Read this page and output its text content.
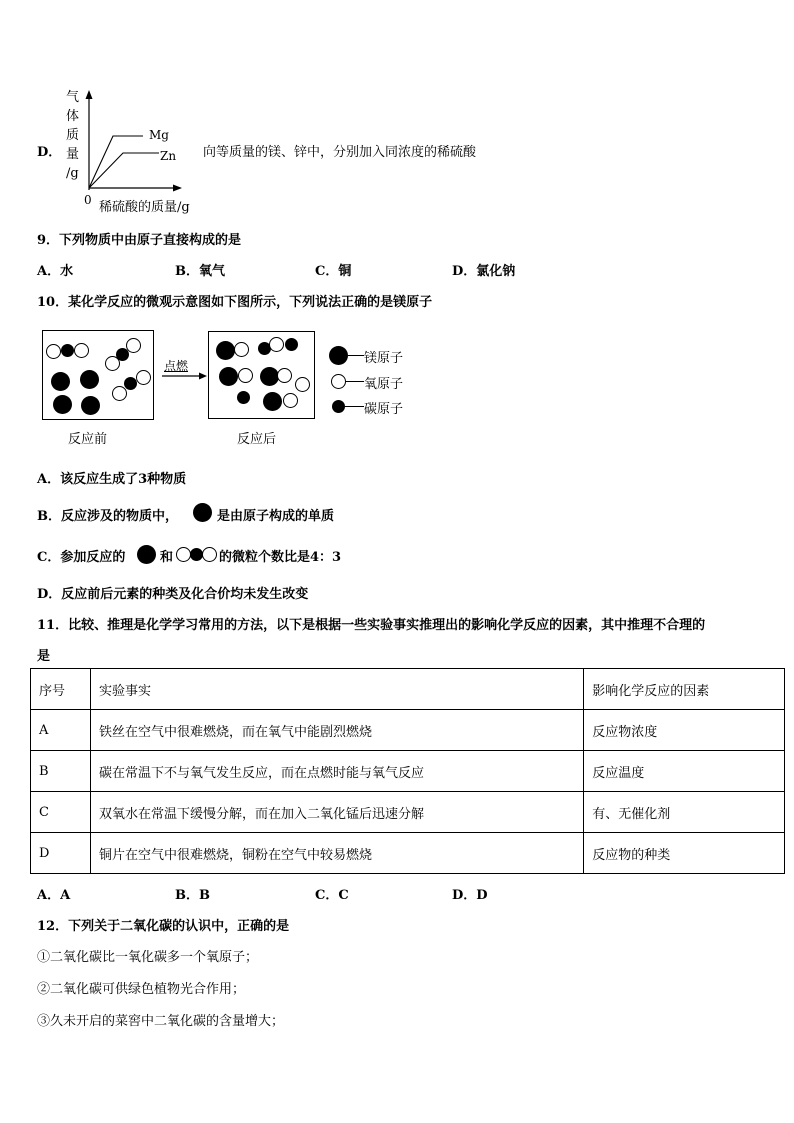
D．
气
体
质
量
/g
Mg
Zn
0 稀硫酸的质量/g
向等质量的镁、锌中，分别加入同浓度的稀硫酸
9．下列物质中由原子直接构成的是
A．水	B．氧气	C．铜	D．氯化钠
10．某化学反应的微观示意图如下图所示，下列说法正确的是镁原子
点燃	镁原子
氧原子
碳原子
反应前	反应后
A．该反应生成了3种物质
B．反应涉及的物质中，	是由原子构成的单质
C．参加反应的	和	的微粒个数比是4：3
D．反应前后元素的种类及化合价均未发生改变
11．比较、推理是化学学习常用的方法，以下是根据一些实验事实推理出的影响化学反应的因素，其中推理不合理的
是
序号	实验事实	影响化学反应的因素
A	铁丝在空气中很难燃烧，而在氧气中能剧烈燃烧	反应物浓度
B	碳在常温下不与氧气发生反应，而在点燃时能与氧气反应	反应温度
C	双氧水在常温下缓慢分解，而在加入二氧化锰后迅速分解	有、无催化剂
D	铜片在空气中很难燃烧，铜粉在空气中较易燃烧	反应物的种类
A．A	B．B	C．C	D．D
12．下列关于二氧化碳的认识中，正确的是
①二氧化碳比一氧化碳多一个氧原子；
②二氧化碳可供绿色植物光合作用；
③久未开启的菜窖中二氧化碳的含量增大；
